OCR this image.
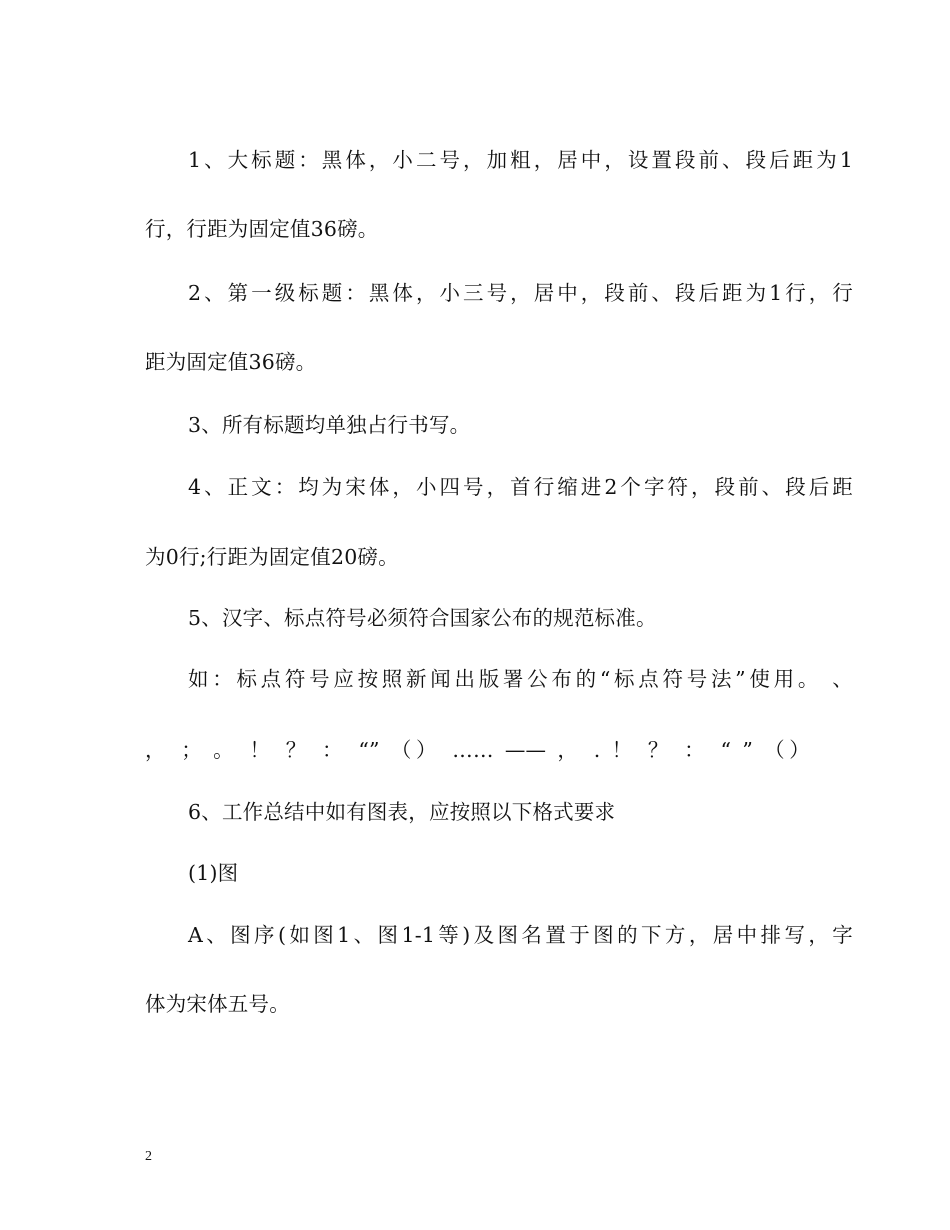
1、大标题：黑体，小二号，加粗，居中，设置段前、段后距为1
行，行距为固定值36磅。
2、第一级标题：黑体，小三号，居中，段前、段后距为1行，行
距为固定值36磅。
3、所有标题均单独占行书写。
4、正文：均为宋体，小四号，首行缩进2个字符，段前、段后距
为0行;行距为固定值20磅。
5、汉字、标点符号必须符合国家公布的规范标准。
如：标点符号应按照新闻出版署公布的“标点符号法”使用。 、
， ； 。 ！ ？ ： “” （） …… —— ， . ！ ？ ： “ ” （）
6、工作总结中如有图表，应按照以下格式要求
(1)图
A、图序(如图1、图1-1等)及图名置于图的下方，居中排写，字
体为宋体五号。
2
